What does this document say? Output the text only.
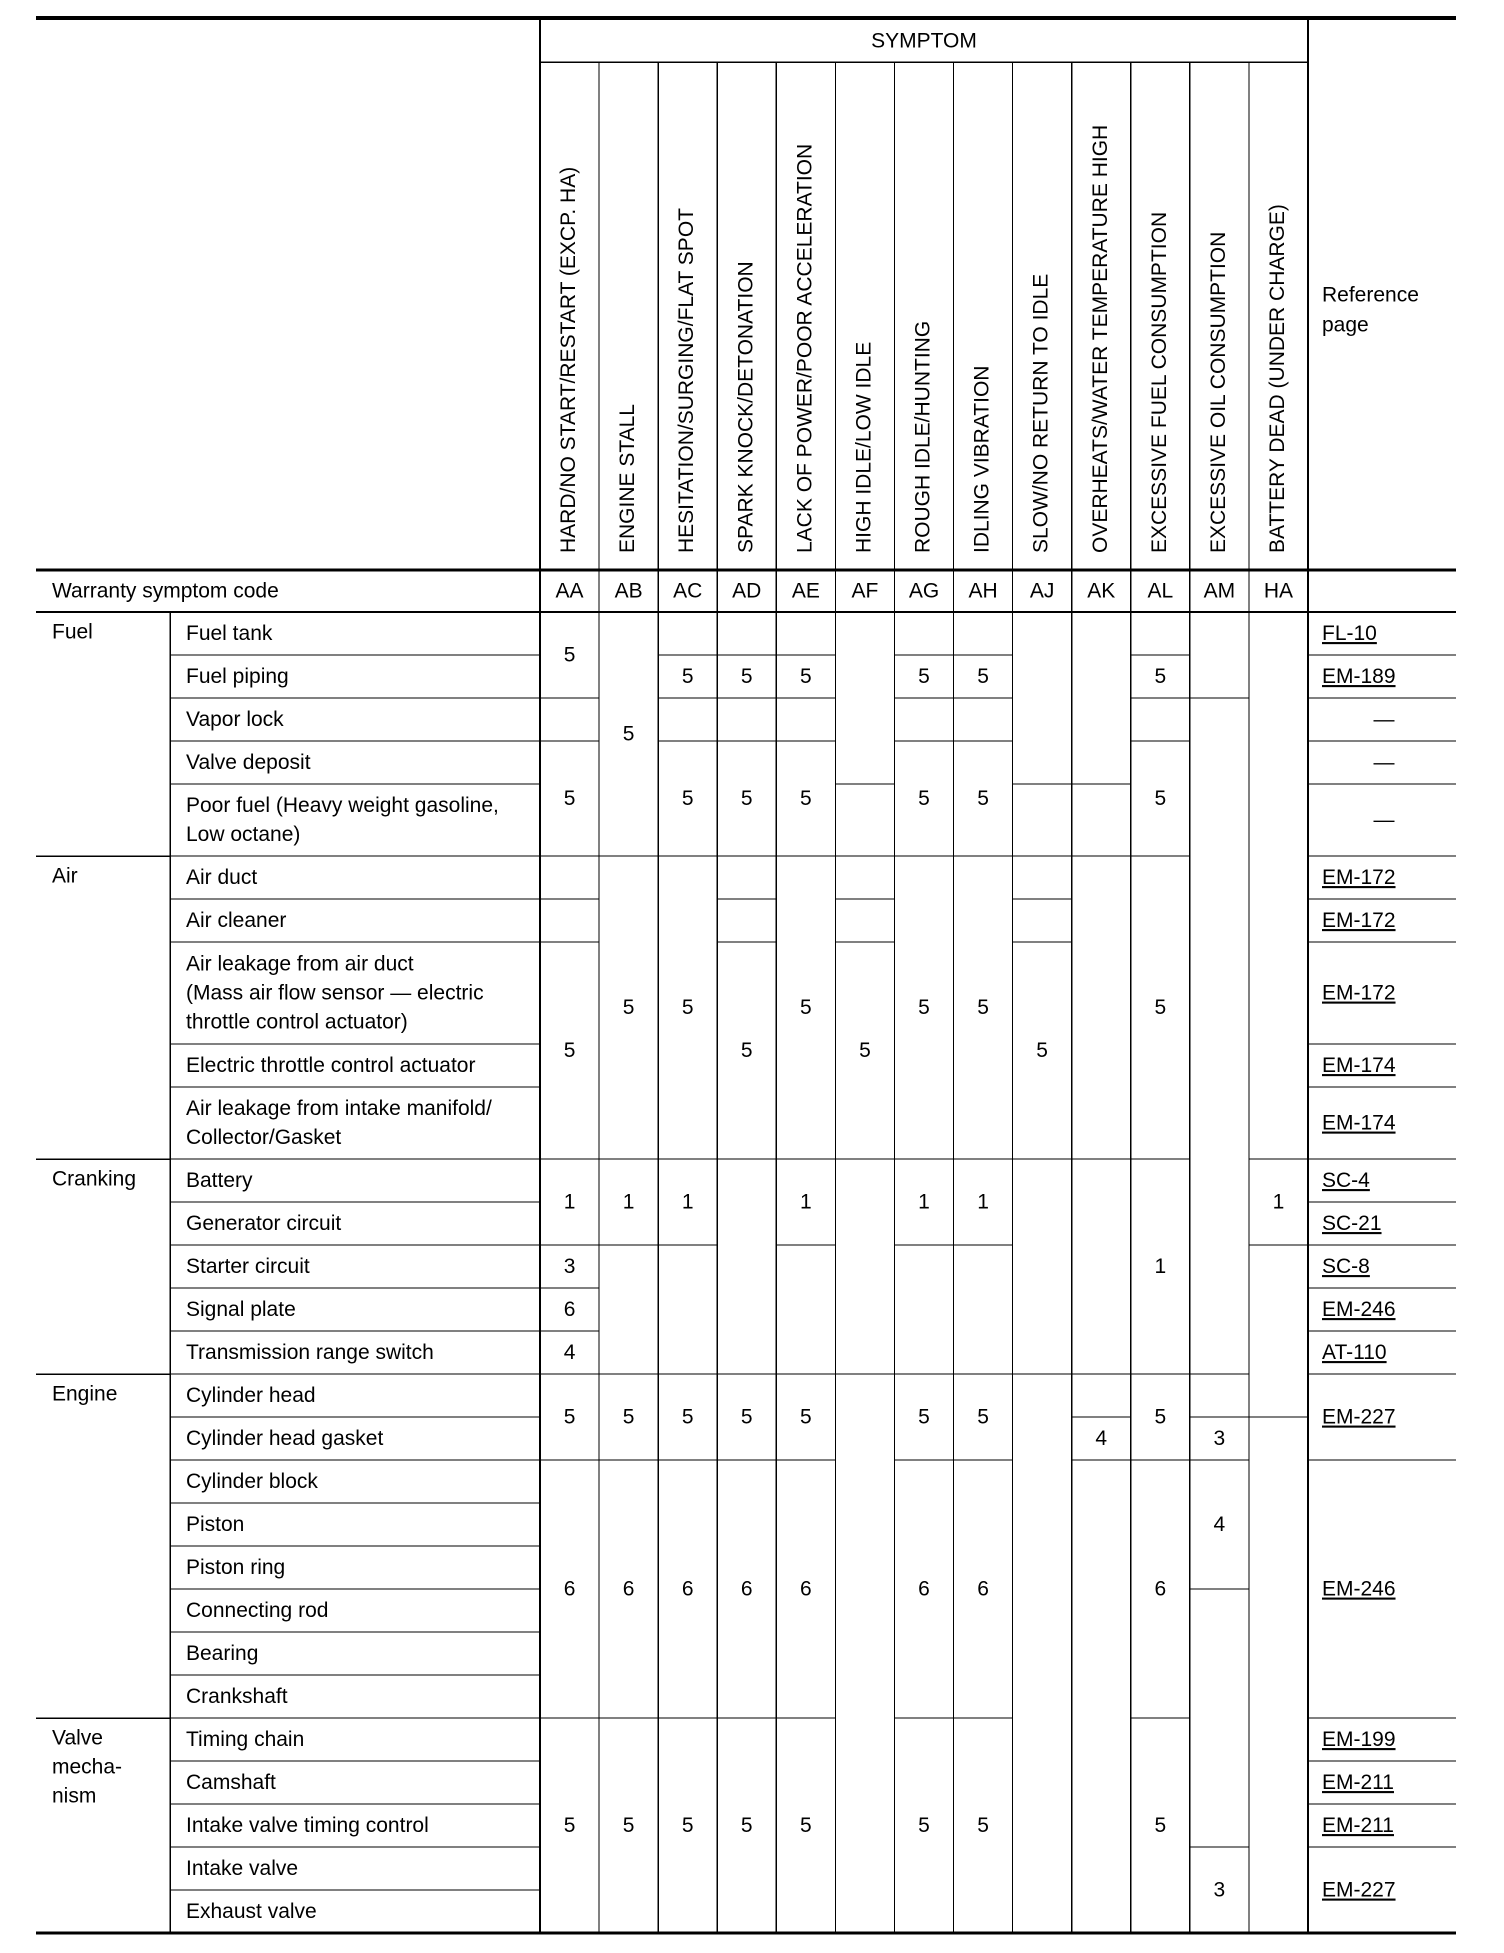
SYMPTOM
Reference
page
HARD/NO START/RESTART (EXCP. HA) ENGINE STALL HESITATION/SURGING/FLAT SPOT SPARK KNOCK/DETONATION LACK OF POWER/POOR ACCELERATION HIGH IDLE/LOW IDLE ROUGH IDLE/HUNTING IDLING VIBRATION SLOW/NO RETURN TO IDLE OVERHEATS/WATER TEMPERATURE HIGH EXCESSIVE FUEL CONSUMPTION EXCESSIVE OIL CONSUMPTION BATTERY DEAD (UNDER CHARGE)
Warranty symptom code	AA AB AC AD AE AF AG AH AJ AK AL AM HA
Fuel
Air
Cranking
Engine
Valve
mecha-
nism
Fuel tank
Fuel piping
Vapor lock
Valve deposit
Poor fuel (Heavy weight gasoline,
Low octane)
Air duct
Air cleaner
Air leakage from air duct
(Mass air flow sensor — electric
throttle control actuator)
Electric throttle control actuator
Air leakage from intake manifold/
Collector/Gasket
Battery
Generator circuit
Starter circuit
Signal plate
Transmission range switch
Cylinder head
Cylinder head gasket
Cylinder block
Piston
Piston ring
Connecting rod
Bearing
Crankshaft
Timing chain
Camshaft
Intake valve timing control
Intake valve
Exhaust valve
FL-10
EM-189
—
—
—
EM-172
EM-172
EM-172
EM-174
EM-174
SC-4
SC-21
SC-8
EM-246
AT-110
EM-227
EM-246
EM-199
EM-211
EM-211
EM-227
5
5
5
1
3
6
4
5
6
5
5
5
1
5
6
5
5
5
5
1
5
6
5
5
5
5
5
6
5
5
5
5
1
5
6
5
5
5
5
5
1
5
6
5
5
5
5
1
5
6
5
5
4
5
5
5
1
5
6
5
3
4
3
1
